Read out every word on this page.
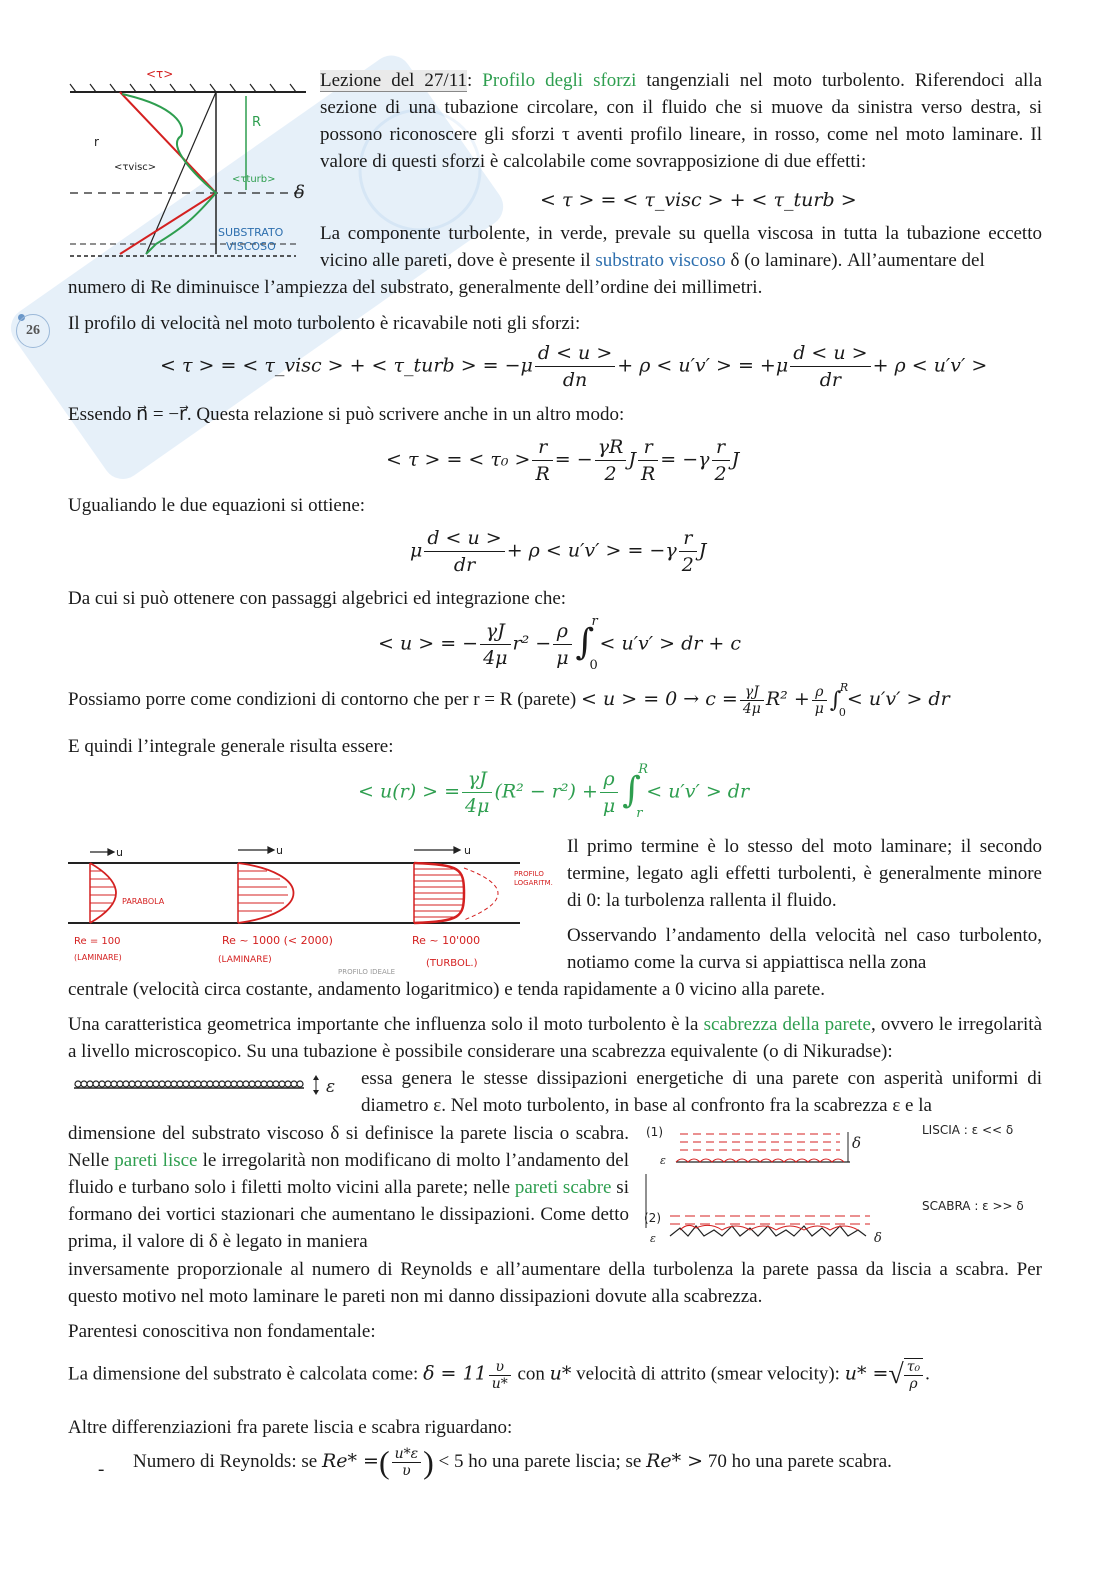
26
<τ>
R
r
<τvisc>
<τturb>
δ
SUBSTRATO
VISCOSO
Lezione del 27/11: Profilo degli sforzi tangenziali nel moto turbolento. Riferendoci alla sezione di una tubazione circolare, con il fluido che si muove da sinistra verso destra, si possono riconoscere gli sforzi τ aventi profilo lineare, in rosso, come nel moto laminare. Il valore di questi sforzi è calcolabile come sovrapposizione di due effetti:
< τ > = < τ_visc > + < τ_turb >
La componente turbolente, in verde, prevale su quella viscosa in tutta la tubazione eccetto vicino alle pareti, dove è presente il substrato viscoso δ (o laminare). All’aumentare del
numero di Re diminuisce l’ampiezza del substrato, generalmente dell’ordine dei millimetri.
Il profilo di velocità nel moto turbolento è ricavabile noti gli sforzi:
< τ > = < τ_visc > + < τ_turb > = $-\mu \frac{d < u >}{dn} + \rho < u'v'$ > = $+\mu \frac{d < u >}{dr} + \rho < u'v'$ >
Essendo n⃗ = −r⃗. Questa relazione si può scrivere anche in un altro modo:
< τ > = < $\tau_0 > \frac{r}{R}$ = − $\frac{\gamma R}{2}$ J $\frac{r}{R} = -\gamma \frac{r}{2}$ J
Ugualiando le due equazioni si ottiene:
μ $\frac{d < u >}{dr} + \rho < u'v'$ > = $-\gamma \frac{r}{2}$ J
Da cui si può ottenere con passaggi algebrici ed integrazione che:
< u > = − $\frac{\gamma J}{4\mu} r^2 - \frac{\rho}{\mu}$ ∫
r
0
< u′v′ > dr + c
Possiamo porre come condizioni di contorno che per r = R (parete) < u > = $0 \to c = \frac{\gamma J}{4\mu} R^2 + \frac{\rho}{\mu}$ ∫
R
0
< u′v′ > dr
E quindi l’integrale generale risulta essere:
< u(r) > = $\frac{\gamma J}{4\mu} (R^2 - r^2) + \frac{\rho}{\mu}$ ∫
R
r
< u′v′ > dr
u	u	u
PARABOLA
PROFILO
LOGARITM.
Re = 100
(LAMINARE)
Re ~ 1000 (< 2000)
(LAMINARE)
Re ~ 10'000
(TURBOL.)
PROFILO IDEALE
Il primo termine è lo stesso del moto laminare; il secondo termine, legato agli effetti turbolenti, è generalmente minore di 0: la turbolenza rallenta il fluido.
Osservando l’andamento della velocità nel caso turbolento, notiamo come la curva si appiattisca nella zona
centrale (velocità circa costante, andamento logaritmico) e tenda rapidamente a 0 vicino alla parete.
Una caratteristica geometrica importante che influenza solo il moto turbolento è la scabrezza della parete, ovvero le irregolarità a livello microscopico. Su una tubazione è possibile considerare una scabrezza equivalente (o di Nikuradse):
ε essa genera le stesse dissipazioni energetiche di una parete con asperità uniformi di diametro ε. Nel moto turbolento, in base al confronto fra la scabrezza ε e la
dimensione del substrato viscoso δ si definisce la parete liscia o scabra. Nelle pareti lisce le irregolarità non modificano di molto l’andamento del fluido e turbano solo i filetti molto vicini alla parete; nelle pareti scabre si formano dei vortici stazionari che aumentano le dissipazioni. Come detto prima, il valore di δ è legato in maniera
(1)
δ
ε
LISCIA : ε << δ
(2)
ε	δ
SCABRA : ε >> δ
inversamente proporzionale al numero di Reynolds e all’aumentare della turbolenza la parete passa da liscia a scabra. Per questo motivo nel moto laminare le pareti non mi danno dissipazioni dovute alla scabrezza.
Parentesi conoscitiva non fondamentale:
La dimensione del substrato è calcolata come: $\delta = 11 \frac{\upsilon}{u*}$ con u* velocità di attrito (smear velocity): u* =√ $\frac{\text{τ₀}}{\rho}$ .
Altre differenziazioni fra parete liscia e scabra riguardano:
- Numero di Reynolds: se Re* =( $\frac{u*\varepsilon}{\upsilon}$ ) < 5 ho una parete liscia; se Re* > 70 ho una parete scabra.
